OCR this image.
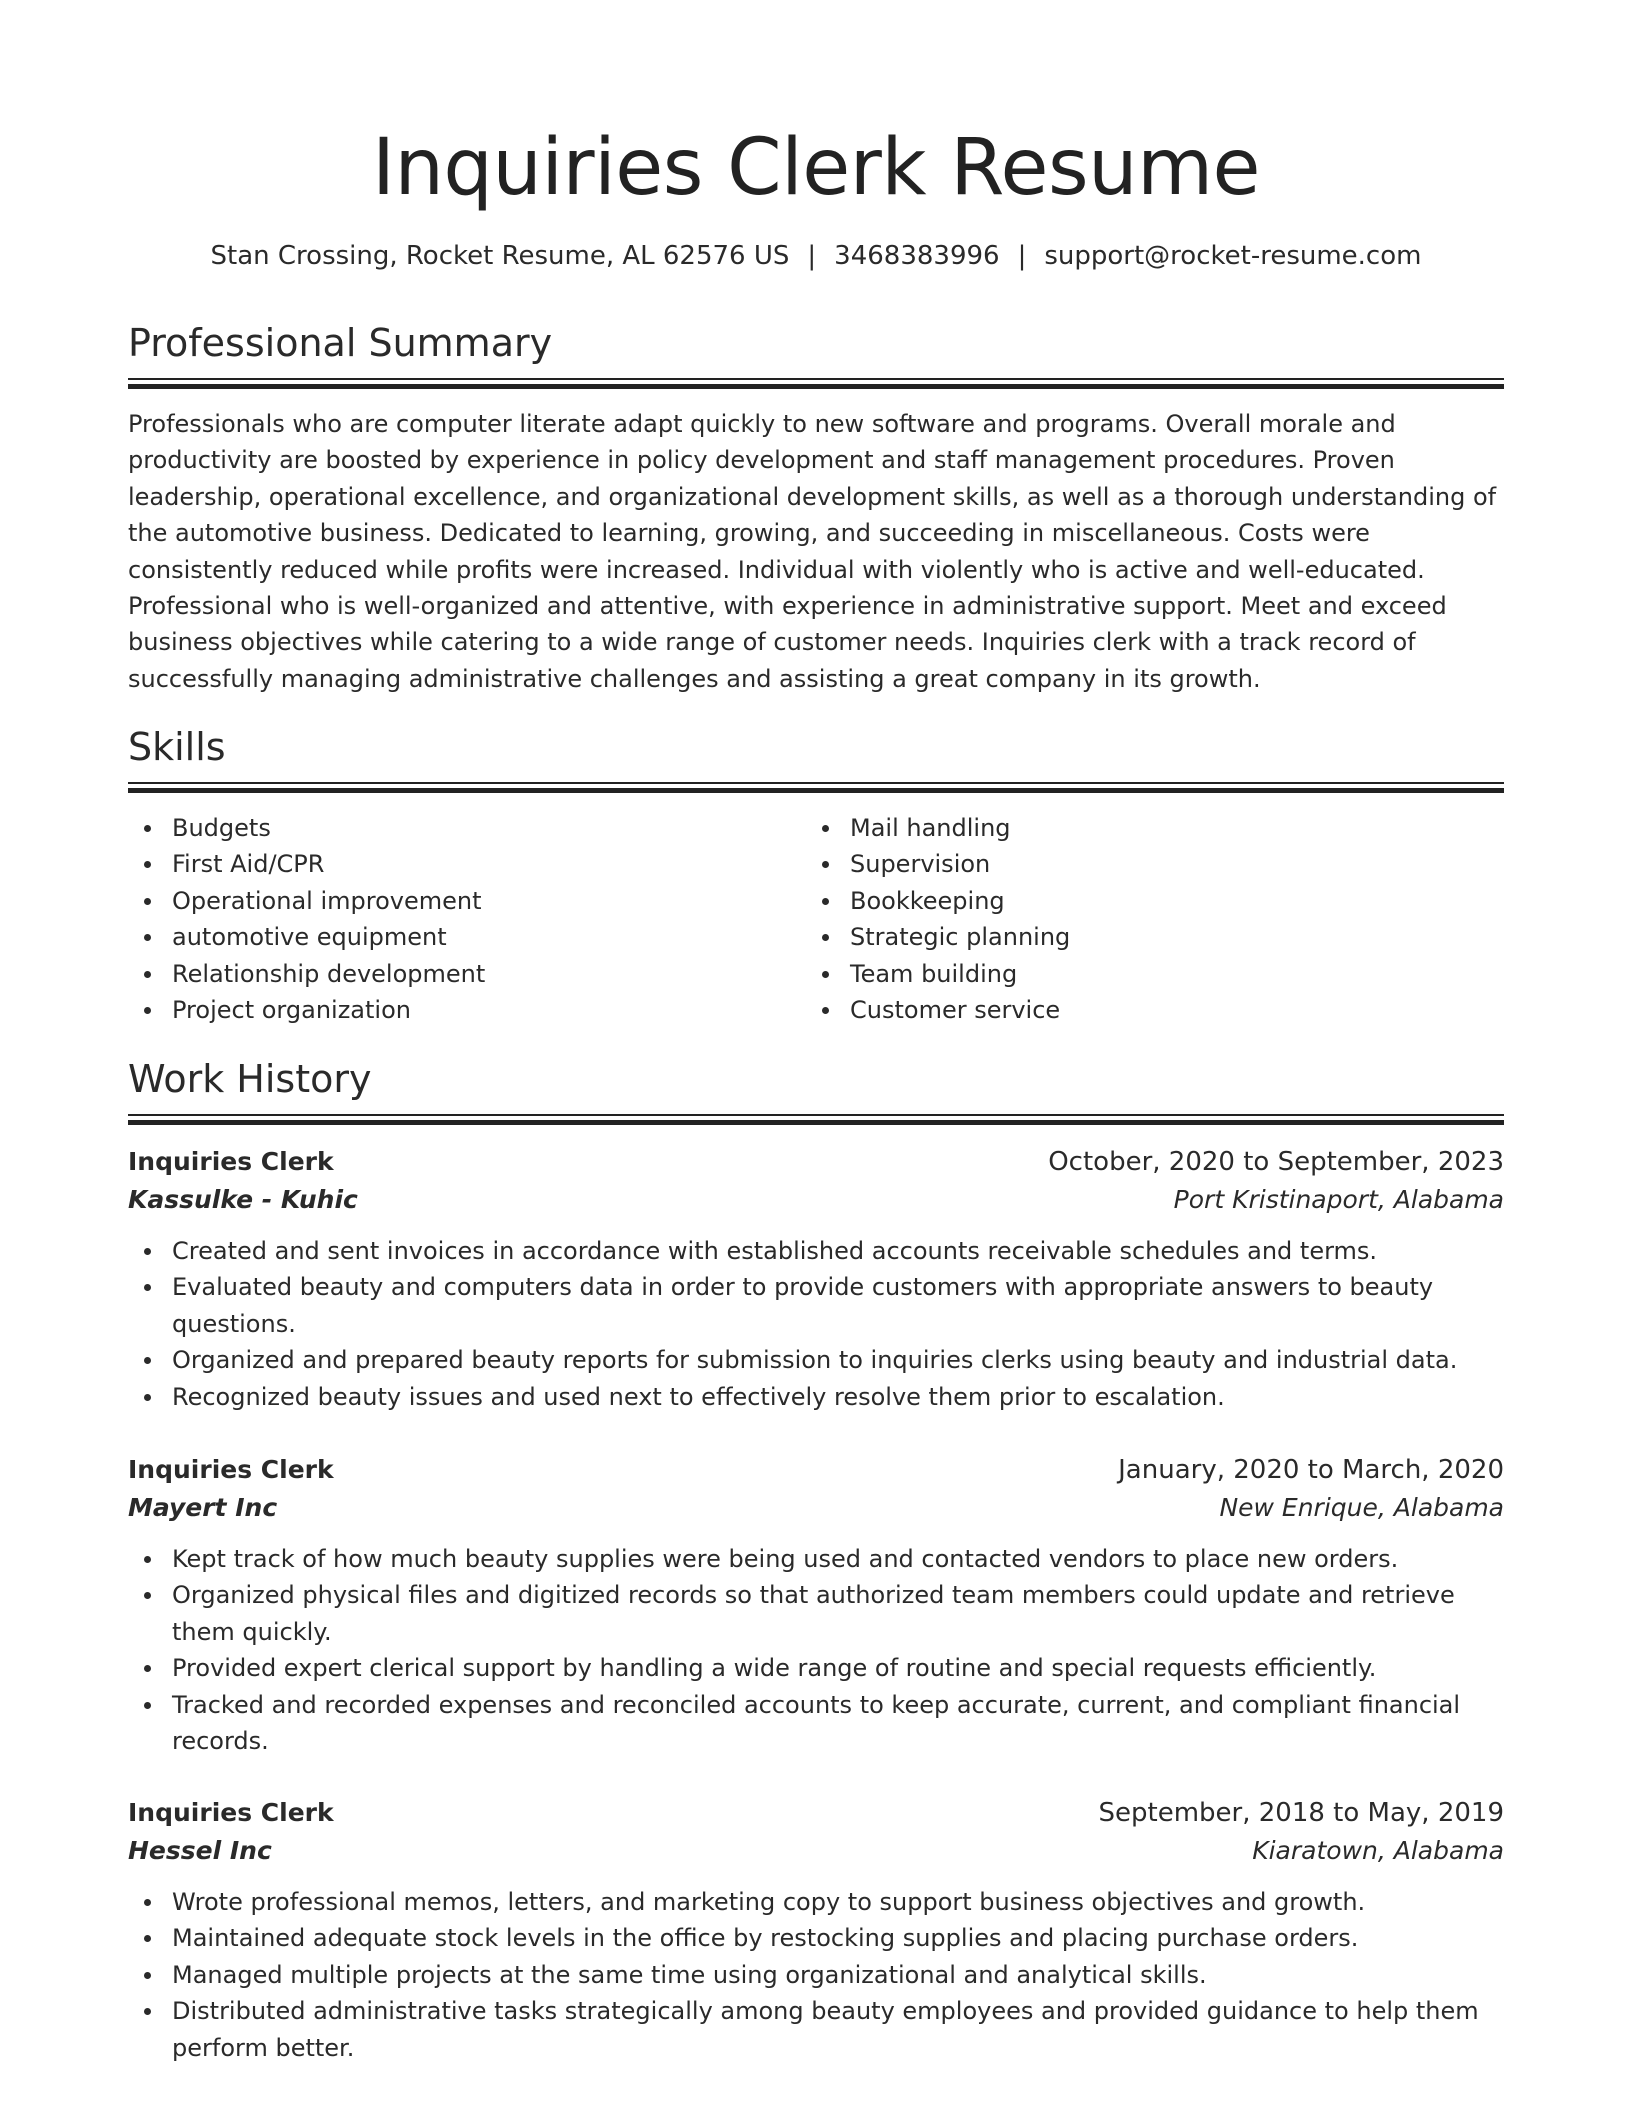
Inquiries Clerk Resume
Stan Crossing, Rocket Resume, AL 62576 US | 3468383996 | support@rocket-resume.com
Professional Summary

Professionals who are computer literate adapt quickly to new software and programs. Overall morale and productivity are boosted by experience in policy development and staff management procedures. Proven leadership, operational excellence, and organizational development skills, as well as a thorough understanding of the automotive business. Dedicated to learning, growing, and succeeding in miscellaneous. Costs were consistently reduced while profits were increased. Individual with violently who is active and well-educated. Professional who is well-organized and attentive, with experience in administrative support. Meet and exceed business objectives while catering to a wide range of customer needs. Inquiries clerk with a track record of successfully managing administrative challenges and assisting a great company in its growth.

Skills
Budgets
First Aid/CPR
Operational improvement
automotive equipment
Relationship development
Project organization
Mail handling
Supervision
Bookkeeping
Strategic planning
Team building
Customer service
Work History
Inquiries Clerk	October, 2020 to September, 2023
Kassulke - Kuhic	Port Kristinaport, Alabama
Created and sent invoices in accordance with established accounts receivable schedules and terms.
Evaluated beauty and computers data in order to provide customers with appropriate answers to beauty questions.
Organized and prepared beauty reports for submission to inquiries clerks using beauty and industrial data.
Recognized beauty issues and used next to effectively resolve them prior to escalation.
Inquiries Clerk	January, 2020 to March, 2020
Mayert Inc	New Enrique, Alabama
Kept track of how much beauty supplies were being used and contacted vendors to place new orders.
Organized physical files and digitized records so that authorized team members could update and retrieve them quickly.
Provided expert clerical support by handling a wide range of routine and special requests efficiently.
Tracked and recorded expenses and reconciled accounts to keep accurate, current, and compliant financial records.
Inquiries Clerk	September, 2018 to May, 2019
Hessel Inc	Kiaratown, Alabama
Wrote professional memos, letters, and marketing copy to support business objectives and growth.
Maintained adequate stock levels in the office by restocking supplies and placing purchase orders.
Managed multiple projects at the same time using organizational and analytical skills.
Distributed administrative tasks strategically among beauty employees and provided guidance to help them perform better.
